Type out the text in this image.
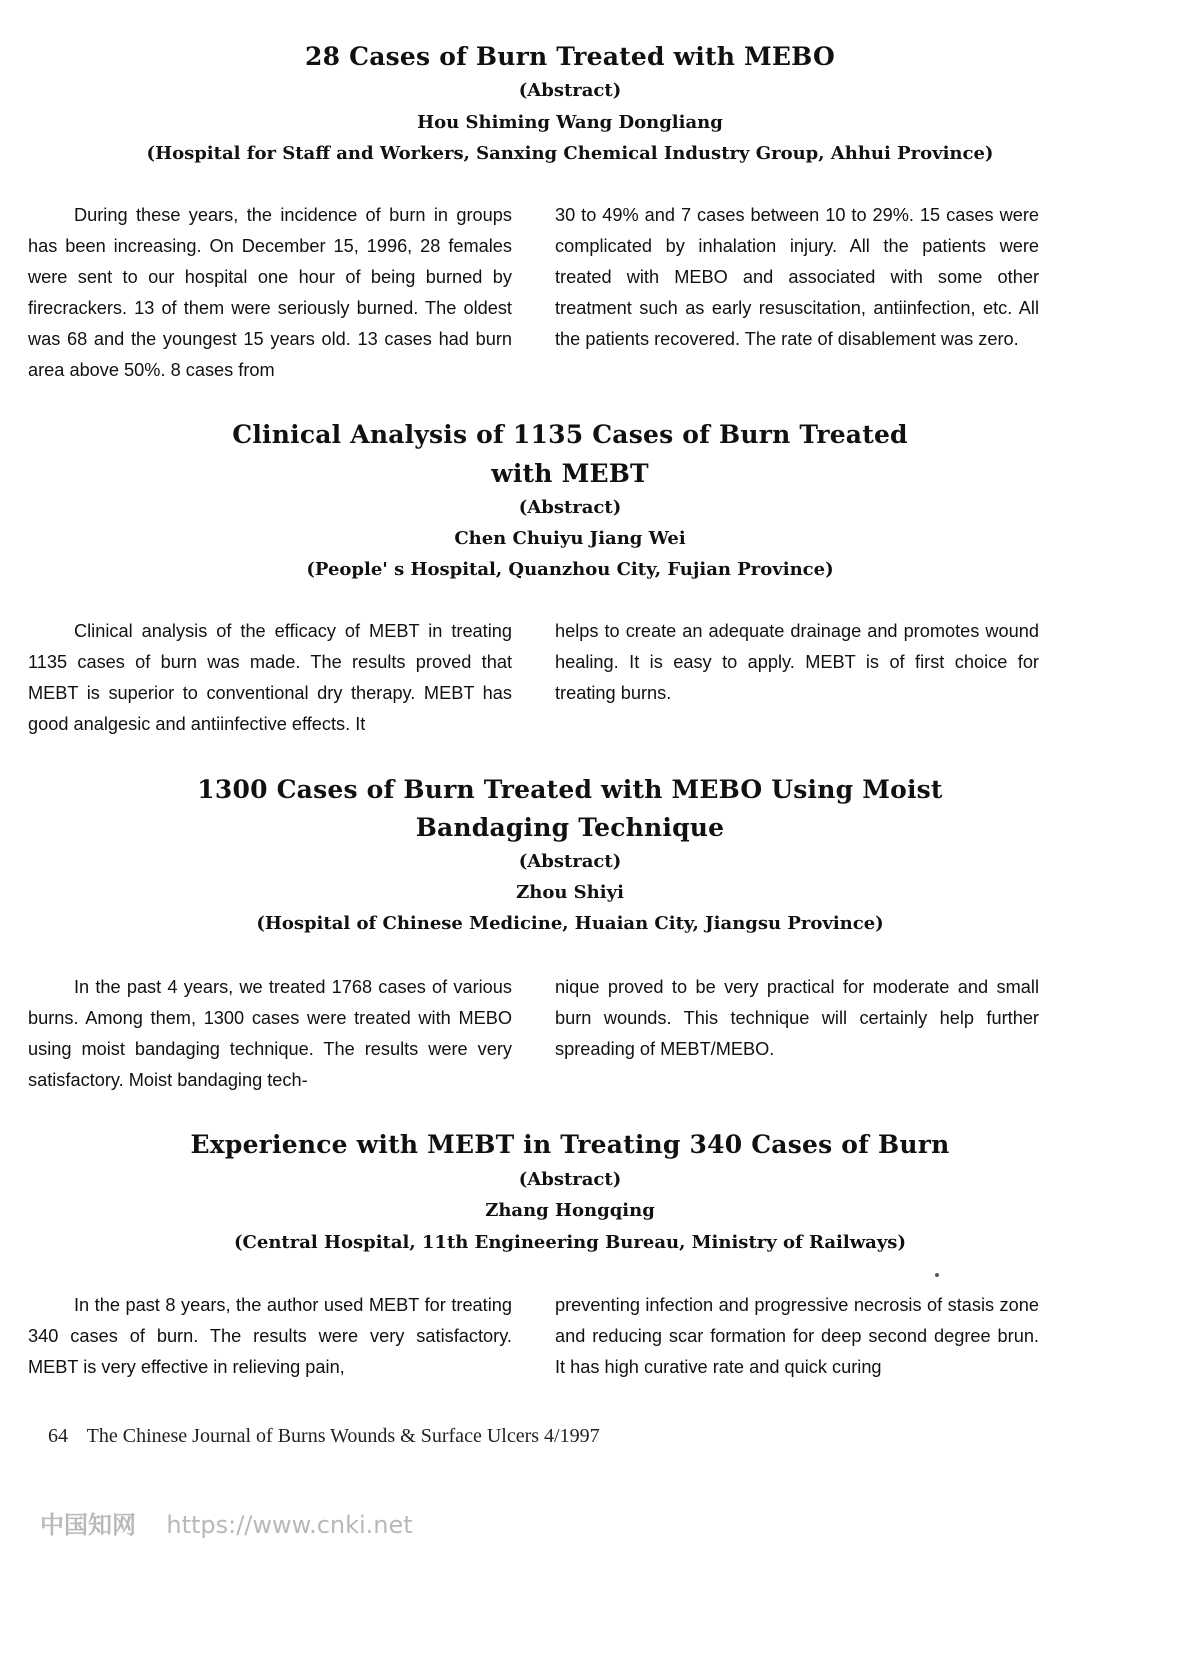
28 Cases of Burn Treated with MEBO
(Abstract)
Hou Shiming Wang Dongliang
(Hospital for Staff and Workers, Sanxing Chemical Industry Group, Ahhui Province)
During these years, the incidence of burn in groups has been increasing. On December 15, 1996, 28 females were sent to our hospital one hour of being burned by firecrackers. 13 of them were seriously burned. The oldest was 68 and the youngest 15 years old. 13 cases had burn area above 50%. 8 cases from
30 to 49% and 7 cases between 10 to 29%. 15 cases were complicated by inhalation injury. All the patients were treated with MEBO and associated with some other treatment such as early resuscitation, antiinfection, etc. All the patients recovered. The rate of disablement was zero.
Clinical Analysis of 1135 Cases of Burn Treated
with MEBT
(Abstract)
Chen Chuiyu Jiang Wei
(People' s Hospital, Quanzhou City, Fujian Province)
Clinical analysis of the efficacy of MEBT in treating 1135 cases of burn was made. The results proved that MEBT is superior to conventional dry therapy. MEBT has good analgesic and antiinfective effects. It
helps to create an adequate drainage and promotes wound healing. It is easy to apply. MEBT is of first choice for treating burns.
1300 Cases of Burn Treated with MEBO Using Moist
Bandaging Technique
(Abstract)
Zhou Shiyi
(Hospital of Chinese Medicine, Huaian City, Jiangsu Province)
In the past 4 years, we treated 1768 cases of various burns. Among them, 1300 cases were treated with MEBO using moist bandaging technique. The results were very satisfactory. Moist bandaging tech-
nique proved to be very practical for moderate and small burn wounds. This technique will certainly help further spreading of MEBT/MEBO.
Experience with MEBT in Treating 340 Cases of Burn
(Abstract)
Zhang Hongqing
(Central Hospital, 11th Engineering Bureau, Ministry of Railways)
In the past 8 years, the author used MEBT for treating 340 cases of burn. The results were very satisfactory. MEBT is very effective in relieving pain,
preventing infection and progressive necrosis of stasis zone and reducing scar formation for deep second degree brun. It has high curative rate and quick curing
64 The Chinese Journal of Burns Wounds & Surface Ulcers 4/1997
中国知网 https://www.cnki.net
